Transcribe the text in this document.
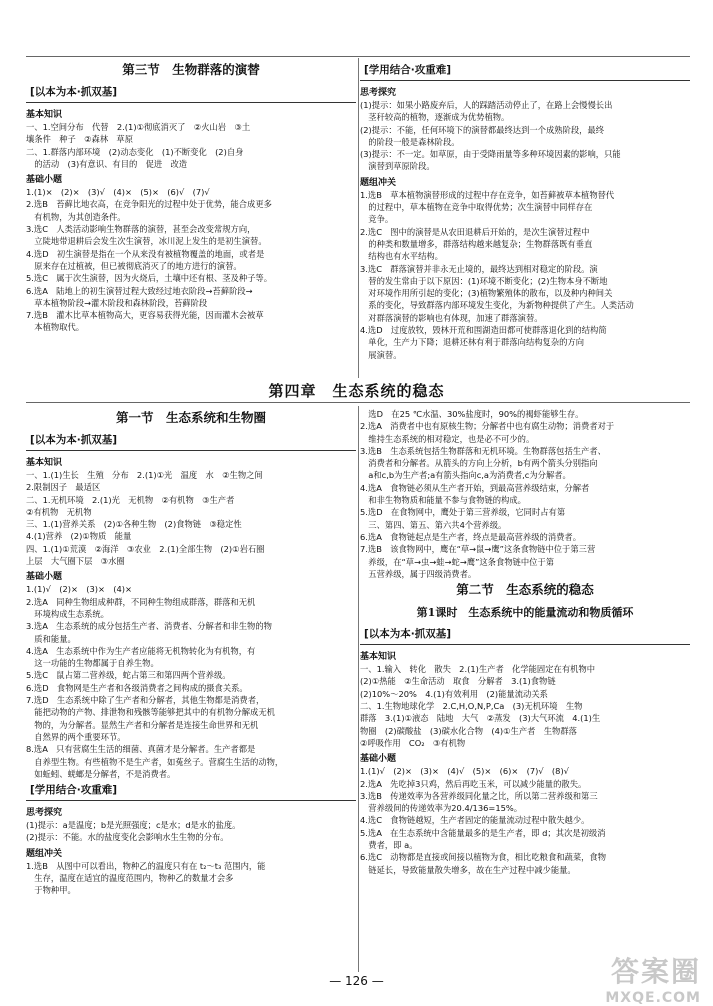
第三节　生物群落的演替
[以本为本·抓双基]
基本知识
一、1.空间分布　代替　2.(1)①彻底消灭了　②火山岩　③土
壤条件　种子　②森林　草原
二、1.群落内部环境　(2)动态变化　(1)不断变化　(2)自身
　的活动　(3)有意识、有目的　促进　改造
基础小题
1.(1)×　(2)×　(3)√　(4)×　(5)×　(6)√　(7)√
2.选B　苔藓比地衣高，在竞争阳光的过程中处于优势，能合成更多
　有机物，为其创造条件。
3.选C　人类活动影响生物群落的演替，甚至会改变常规方向，
　立陡地带退耕后会发生次生演替，冰川泥上发生的是初生演替。
4.选D　初生演替是指在一个从来没有被植物覆盖的地面，或者是
　原来存在过植被，但已被彻底消灭了的地方进行的演替。
5.选C　属于次生演替，因为火烧后，土壤中还有根、茎及种子等。
6.选A　陆地上的初生演替过程大致经过地衣阶段→苔藓阶段→
　草本植物阶段→灌木阶段和森林阶段，苔藓阶段
7.选B　灌木比草本植物高大，更容易获得光能，因而灌木会被草
　本植物取代。
[学用结合·攻重难]
思考探究
(1)提示：如果小路废弃后，人的踩踏活动停止了，在路上会慢慢长出
　茎秆较高的植物，逐渐成为优势植物。
(2)提示：不能，任何环境下的演替都最终达到一个成熟阶段，最终
　的阶段一般是森林阶段。
(3)提示：不一定。如草原，由于受降雨量等多种环境因素的影响，只能
　演替到草原阶段。
题组冲关
1.选B　草本植物演替形成的过程中存在竞争，如苔藓被草本植物替代
　的过程中，草本植物在竞争中取得优势；次生演替中同样存在
　竞争。
2.选C　图中的演替是从农田退耕后开始的，是次生演替过程中
　的种类和数量增多，群落结构越来越复杂；生物群落既有垂直
　结构也有水平结构。
3.选C　群落演替并非永无止境的，最终达到相对稳定的阶段。演
　替的发生常由于以下原因：(1)环境不断变化；(2)生物本身不断地
　对环境作用所引起的变化；(3)植物繁殖体的散布，以及种内种间关
　系的变化，导致群落内部环境发生变化，为新物种提供了产生。人类活动
　对群落演替的影响也有体现，加速了群落演替。
4.选D　过度放牧，毁林开荒和围湖造田都可使群落退化到的结构简
　单化，生产力下降；退耕还林有利于群落向结构复杂的方向
　展演替。
第四章　生态系统的稳态
第一节　生态系统和生物圈
[以本为本·抓双基]
基本知识
一、1.(1)生长　生殖　分布　2.(1)①光　温度　水　②生物之间
2.限制因子　最适区
二、1.无机环境　2.(1)光　无机物　②有机物　③生产者
②有机物　无机物
三、1.(1)营养关系　(2)①各种生物　(2)食物链　③稳定性
4.(1)营养　(2)①物质　能量
四、1.(1)①荒漠　②海洋　③农业　2.(1)全部生物　(2)①岩石圈
上层　大气圈下层　③水圈
基础小题
1.(1)√　(2)×　(3)×　(4)×
2.选A　同种生物组成种群，不同种生物组成群落，群落和无机
　环境构成生态系统。
3.选A　生态系统的成分包括生产者、消费者、分解者和非生物的物
　质和能量。
4.选A　生态系统中作为生产者应能将无机物转化为有机物，有
　这一功能的生物都属于自养生物。
5.选C　鼠占第二营养级，蛇占第三和第四两个营养级。
6.选D　食物网是生产者和各级消费者之间构成的摄食关系。
7.选D　生态系统中除了生产者和分解者，其他生物都是消费者，
　能把动物的产物、排泄物和残骸等能够把其中的有机物分解成无机
　物的，为分解者。显然生产者和分解者是连接生命世界和无机
　自然界的两个重要环节。
8.选A　只有营腐生生活的细菌、真菌才是分解者。生产者都是
　自养型生物。有些植物不是生产者，如菟丝子。营腐生生活的动物，
　如蚯蚓、蜣螂是分解者，不是消费者。
[学用结合·攻重难]
思考探究
(1)提示：a是温度；b是光照强度；c是水；d是水的盐度。
(2)提示：不能。水的盐度变化会影响水生生物的分布。
题组冲关
1.选B　从图中可以看出，物种乙的温度只有在 t₂～t₃ 范围内，能
　生存，温度在适宜的温度范围内，物种乙的数量才会多
　于物种甲。
　选D　在25 ℃水温、30%盐度时，90%的褐虾能够生存。
2.选A　消费者中也有原核生物；分解者中也有腐生动物；消费者对于
　维持生态系统的相对稳定，也是必不可少的。
3.选B　生态系统包括生物群落和无机环境。生物群落包括生产者、
　消费者和分解者。从箭头的方向上分析，b有两个箭头分别指向
　a和c,b为生产者;a有箭头指向c,a为消费者,c为分解者。
4.选A　食物链必须从生产者开始，到最高营养级结束，分解者
　和非生物物质和能量不参与食物链的构成。
5.选D　在食物网中，鹰处于第三营养级，它同时占有第
　三、第四、第五、第六共4个营养级。
6.选A　食物链起点是生产者，终点是最高营养级的消费者。
7.选B　该食物网中，鹰在“草→鼠→鹰”这条食物链中位于第三营
　养级，在“草→虫→蛙→蛇→鹰”这条食物链中位于第
　五营养级，属于四级消费者。
第二节　生态系统的稳态
第1课时　生态系统中的能量流动和物质循环
[以本为本·抓双基]
基本知识
一、1.输入　转化　散失　2.(1)生产者　化学能固定在有机物中
(2)①热能　②生命活动　取食　分解者　3.(1)食物链
(2)10%～20%　4.(1)有效利用　(2)能量流动关系
二、1.生物地球化学　2.C,H,O,N,P,Ca　(3)无机环境　生物
群落　3.(1)①液态　陆地　大气　②蒸发　(3)大气环流　4.(1)生
物圈　(2)碳酸盐　(3)碳水化合物　(4)①生产者　生物群落
②呼吸作用　CO₂　③有机物
基础小题
1.(1)√　(2)×　(3)×　(4)√　(5)×　(6)×　(7)√　(8)√
2.选A　先吃掉3只鸡，然后再吃玉米，可以减少能量的散失。
3.选B　传递效率为各营养级同化量之比，所以第二营养级和第三
　营养级间的传递效率为20.4/136=15%。
4.选C　食物链越短，生产者固定的能量流动过程中散失越少。
5.选A　在生态系统中含能量最多的是生产者，即 d；其次是初级消
　费者，即 a。
6.选C　动物都是直接或间接以植物为食，相比吃粮食和蔬菜，食物
　链延长，导致能量散失增多，故在生产过程中减少能量。
— 126 —	答案圈
MXQE.COM
